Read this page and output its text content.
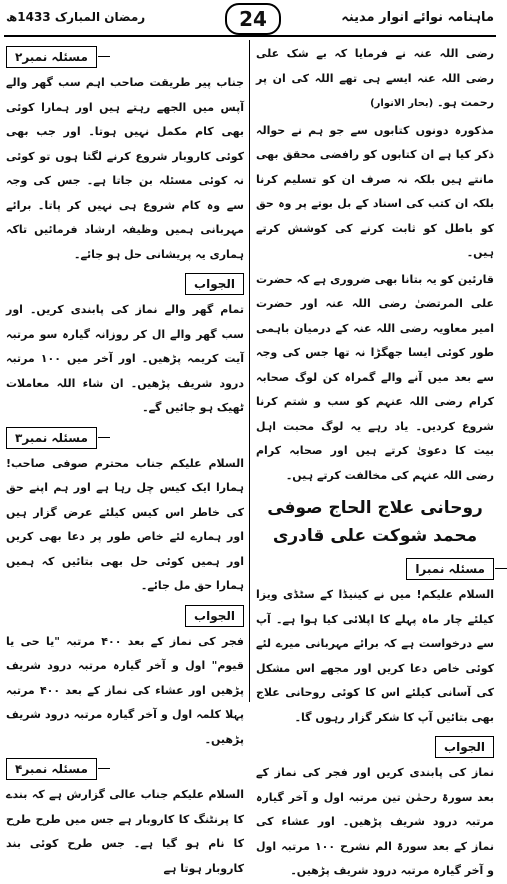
ماہنامہ نوائے انوار مدینہ
24
رمضان المبارک 1433ھ

رضی اللہ عنہ نے فرمایا کہ بے شک علی رضی اللہ عنہ ایسے ہی تھے اللہ کی ان پر رحمت ہو۔ (بحار الانوار)

مذکورہ دونوں کتابوں سے جو ہم نے حوالہ ذکر کیا ہے ان کتابوں کو رافضی محقق بھی مانتے ہیں بلکہ نہ صرف ان کو تسلیم کرنا بلکہ ان کتب کی اسناد کے بل بوتے پر وہ حق کو باطل کو ثابت کرنے کی کوشش کرتے ہیں۔

قارئین کو یہ بتانا بھی ضروری ہے کہ حضرت علی المرتضیٰ رضی اللہ عنہ اور حضرت امیر معاویہ رضی اللہ عنہ کے درمیان باہمی طور کوئی ایسا جھگڑا نہ تھا جس کی وجہ سے بعد میں آنے والے گمراہ کن لوگ صحابہ کرام رضی اللہ عنہم کو سب و شتم کرنا شروع کردیں۔ یاد رہے یہ لوگ محبت اہل بیت کا دعویٰ کرتے ہیں اور صحابہ کرام رضی اللہ عنہم کی مخالفت کرتے ہیں۔

روحانی علاج الحاج صوفی محمد شوکت علی قادری
مسئلہ نمبرا

السلام علیکم! میں نے کینیڈا کے سٹڈی ویزا کیلئے چار ماہ پہلے کا اپلائی کیا ہوا ہے۔ آپ سے درخواست ہے کہ برائے مہربانی میرے لئے کوئی خاص دعا کریں اور مجھے اس مشکل کی آسانی کیلئے اس کا کوئی روحانی علاج بھی بتائیں آپ کا شکر گزار رہوں گا۔

الجواب

نماز کی پابندی کریں اور فجر کی نماز کے بعد سورۃ رحمٰن تین مرتبہ اول و آخر گیارہ مرتبہ درود شریف پڑھیں۔ اور عشاء کی نماز کے بعد سورۃ الم نشرح ۱۰۰ مرتبہ اول و آخر گیارہ مرتبہ درود شریف پڑھیں۔

مسئلہ نمبر۲

جناب پیر طریقت صاحب اہم سب گھر والے آپس میں الجھے رہتے ہیں اور ہمارا کوئی بھی کام مکمل نہیں ہوتا۔ اور جب بھی کوئی کاروبار شروع کرنے لگتا ہوں تو کوئی نہ کوئی مسئلہ بن جاتا ہے۔ جس کی وجہ سے وہ کام شروع ہی نہیں کر پاتا۔ برائے مہربانی ہمیں وظیفہ ارشاد فرمائیں تاکہ ہماری یہ پریشانی حل ہو جائے۔

الجواب

تمام گھر والے نماز کی پابندی کریں۔ اور سب گھر والے ال کر روزانہ گیارہ سو مرتبہ آیت کریمہ پڑھیں۔ اور آخر میں ۱۰۰ مرتبہ درود شریف پڑھیں۔ ان شاء اللہ معاملات ٹھیک ہو جائیں گے۔

مسئلہ نمبر۳

السلام علیکم جناب محترم صوفی صاحب! ہمارا ایک کیس چل رہا ہے اور ہم اپنے حق کی خاطر اس کیس کیلئے عرض گزار ہیں اور ہمارے لئے خاص طور پر دعا بھی کریں اور ہمیں کوئی حل بھی بتائیں کہ ہمیں ہمارا حق مل جائے۔

الجواب

فجر کی نماز کے بعد ۴۰۰ مرتبہ "یا حی یا قیوم" اول و آخر گیارہ مرتبہ درود شریف پڑھیں اور عشاء کی نماز کے بعد ۴۰۰ مرتبہ پہلا کلمہ اول و آخر گیارہ مرتبہ درود شریف پڑھیں۔

مسئلہ نمبر۴

السلام علیکم جناب عالی گزارش ہے کہ بندے کا پرنٹنگ کا کاروبار ہے جس میں طرح طرح کا نام ہو گیا ہے۔ جس طرح کوئی بند کاروبار ہوتا ہے
